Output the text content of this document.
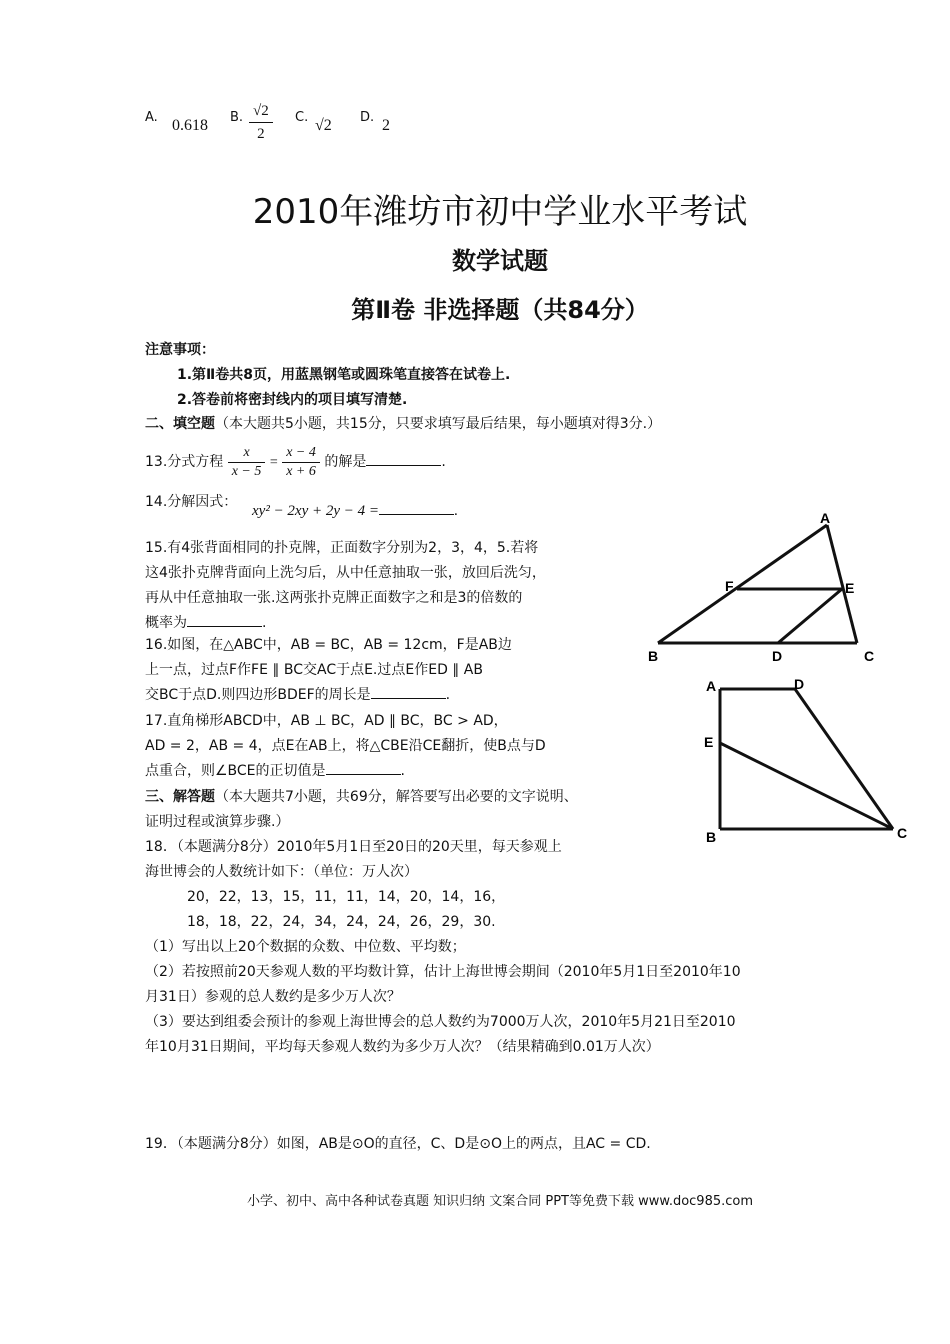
A. 0.618 B. $\frac{√2}{2} C$. √2 D. 2
2010年潍坊市初中学业水平考试
数学试题
第Ⅱ卷 非选择题（共84分）
注意事项：
1.第Ⅱ卷共8页，用蓝黑钢笔或圆珠笔直接答在试卷上.
2.答卷前将密封线内的项目填写清楚.
二、填空题（本大题共5小题，共15分，只要求填写最后结果，每小题填对得3分.）
13.分式方程 $\frac{x}{x - 5} = \frac{x - 4}{x + 6}$ 的解是	.
14.分解因式：
xy² − 2xy + 2y − 4 =	.
15.有4张背面相同的扑克牌，正面数字分别为2，3，4，5.若将
这4张扑克牌背面向上洗匀后，从中任意抽取一张，放回后洗匀，
再从中任意抽取一张.这两张扑克牌正面数字之和是3的倍数的
概率为	.
16.如图，在△ABC中，AB = BC，AB = 12cm，F是AB边
上一点，过点F作FE ∥ BC交AC于点E.过点E作ED ∥ AB
交BC于点D.则四边形BDEF的周长是	.
17.直角梯形ABCD中，AB ⊥ BC，AD ∥ BC，BC > AD，
AD = 2，AB = 4，点E在AB上，将△CBE沿CE翻折，使B点与D
点重合，则∠BCE的正切值是	.
三、解答题（本大题共7小题，共69分，解答要写出必要的文字说明、
证明过程或演算步骤.）
18．（本题满分8分）2010年5月1日至20日的20天里，每天参观上
海世博会的人数统计如下：（单位：万人次）
20，22，13，15，11，11，14，20，14，16，
18，18，22，24，34，24，24，26，29，30.
（1）写出以上20个数据的众数、中位数、平均数；
（2）若按照前20天参观人数的平均数计算，估计上海世博会期间（2010年5月1日至2010年10
月31日）参观的总人数约是多少万人次？
（3）要达到组委会预计的参观上海世博会的总人数约为7000万人次，2010年5月21日至2010
年10月31日期间，平均每天参观人数约为多少万人次？（结果精确到0.01万人次）
19．（本题满分8分）如图，AB是⊙O的直径，C、D是⊙O上的两点，且AC = CD.
A
B	C
D
E
F
A	D
E
B	C
小学、初中、高中各种试卷真题 知识归纳 文案合同 PPT等免费下载 www.doc985.com
